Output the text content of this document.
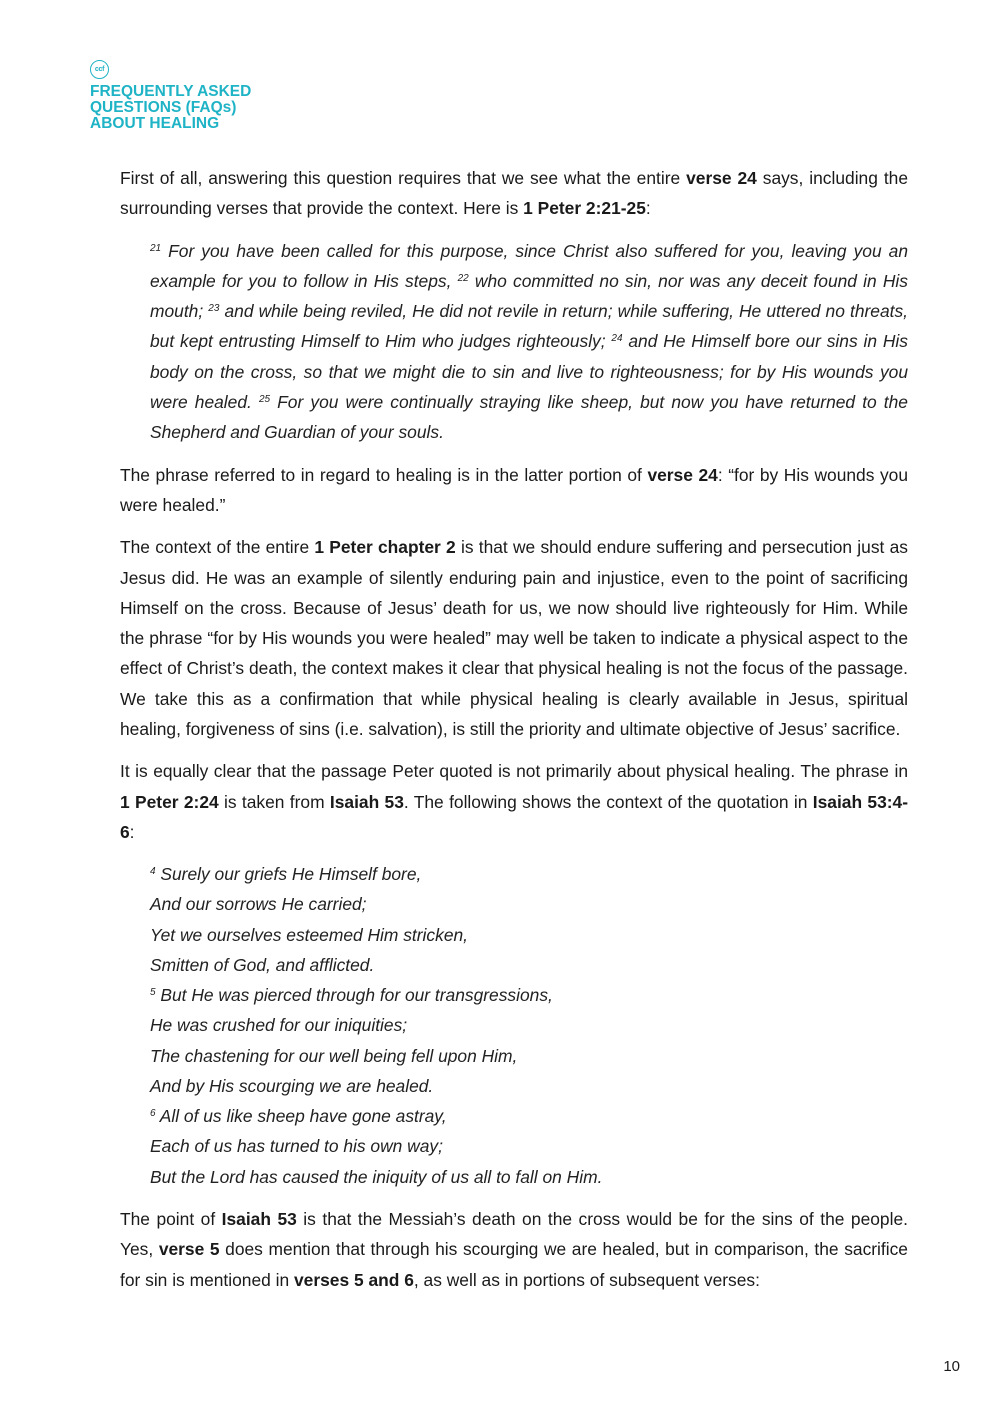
ccf
FREQUENTLY ASKED
QUESTIONS (FAQs)
ABOUT HEALING

First of all, answering this question requires that we see what the entire verse 24 says, including the surrounding verses that provide the context. Here is 1 Peter 2:21-25:

$^{21}$ For you have been called for this purpose, since Christ also suffered for you, leaving you an example for you to follow in His steps, $^{22}$ who committed no sin, nor was any deceit found in His mouth; $^{23}$ and while being reviled, He did not revile in return; while suffering, He uttered no threats, but kept entrusting Himself to Him who judges righteously; $^{24}$ and He Himself bore our sins in His body on the cross, so that we might die to sin and live to righteousness; for by His wounds you were healed. $^{25}$ For you were continually straying like sheep, but now you have returned to the Shepherd and Guardian of your souls.

The phrase referred to in regard to healing is in the latter portion of verse 24: “for by His wounds you were healed.”

The context of the entire 1 Peter chapter 2 is that we should endure suffering and persecution just as Jesus did. He was an example of silently enduring pain and injustice, even to the point of sacrificing Himself on the cross. Because of Jesus’ death for us, we now should live righteously for Him. While the phrase “for by His wounds you were healed” may well be taken to indicate a physical aspect to the effect of Christ’s death, the context makes it clear that physical healing is not the focus of the passage. We take this as a confirmation that while physical healing is clearly available in Jesus, spiritual healing, forgiveness of sins (i.e. salvation), is still the priority and ultimate objective of Jesus’ sacrifice.

It is equally clear that the passage Peter quoted is not primarily about physical healing. The phrase in 1 Peter 2:24 is taken from Isaiah 53. The following shows the context of the quotation in Isaiah 53:4-6:

$^4$ Surely our griefs He Himself bore,
And our sorrows He carried;
Yet we ourselves esteemed Him stricken,
Smitten of God, and afflicted.
$^5$ But He was pierced through for our transgressions,
He was crushed for our iniquities;
The chastening for our well being fell upon Him,
And by His scourging we are healed.
$^6$ All of us like sheep have gone astray,
Each of us has turned to his own way;
But the Lord has caused the iniquity of us all to fall on Him.

The point of Isaiah 53 is that the Messiah’s death on the cross would be for the sins of the people. Yes, verse 5 does mention that through his scourging we are healed, but in comparison, the sacrifice for sin is mentioned in verses 5 and 6, as well as in portions of subsequent verses:

10
